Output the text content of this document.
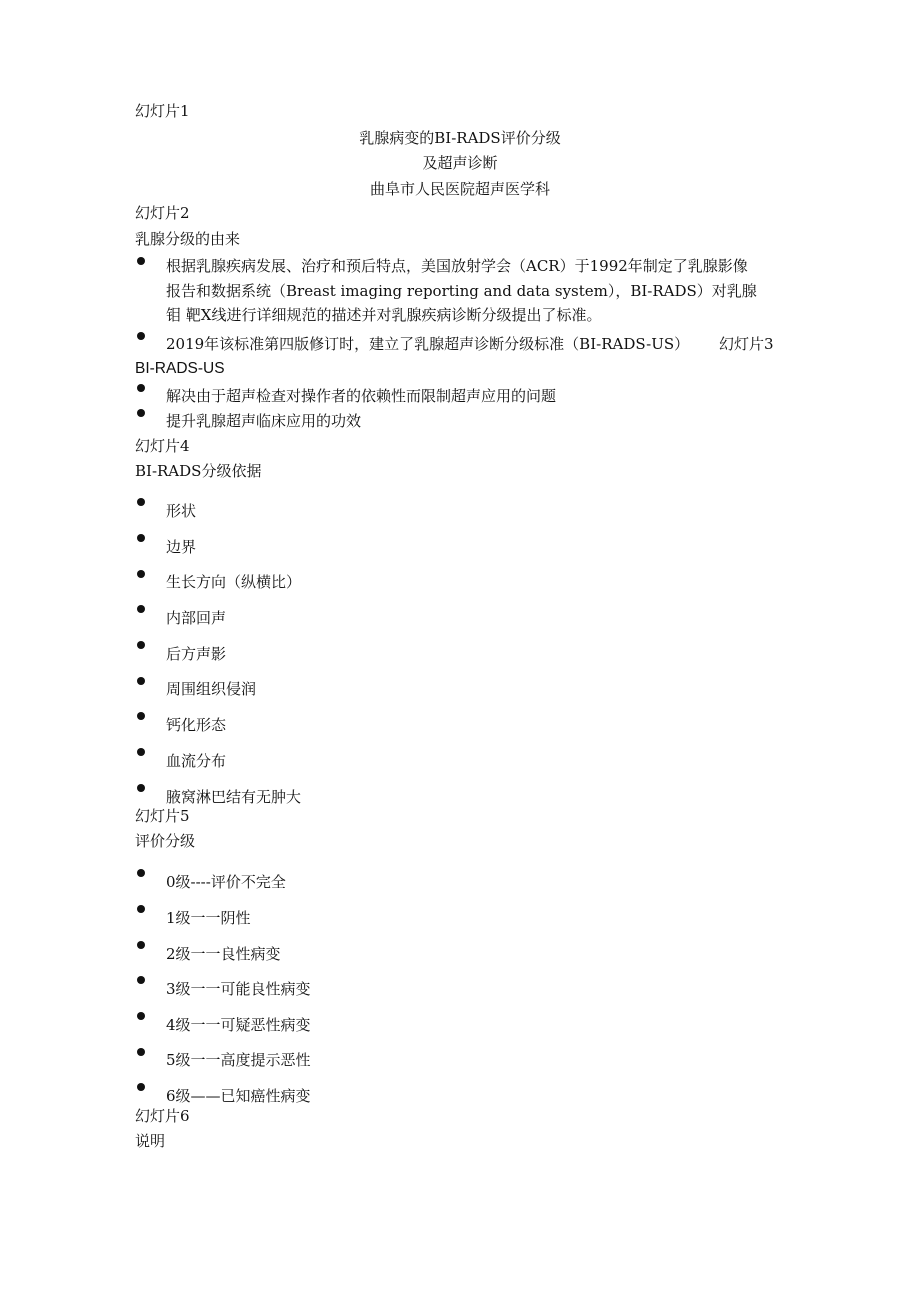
幻灯片1
乳腺病变的BI-RADS评价分级
及超声诊断
曲阜市人民医院超声医学科
幻灯片2
乳腺分级的由来
根据乳腺疾病发展、治疗和预后特点，美国放射学会（ACR）于1992年制定了乳腺影像
报告和数据系统（Breast imaging reporting and data system），BI-RADS）对乳腺
钼 靶X线进行详细规范的描述并对乳腺疾病诊断分级提出了标准。
2019年该标准第四版修订时，建立了乳腺超声诊断分级标准（BI-RADS-US） 幻灯片3
BI-RADS-US
解决由于超声检查对操作者的依赖性而限制超声应用的问题
提升乳腺超声临床应用的功效
幻灯片4
BI-RADS分级依据
形状
边界
生长方向（纵横比）
内部回声
后方声影
周围组织侵润
钙化形态
血流分布
腋窝淋巴结有无肿大
幻灯片5
评价分级
0级----评价不完全
1级一一阴性
2级一一良性病变
3级一一可能良性病变
4级一一可疑恶性病变
5级一一高度提示恶性
6级——已知癌性病变
幻灯片6
说明
